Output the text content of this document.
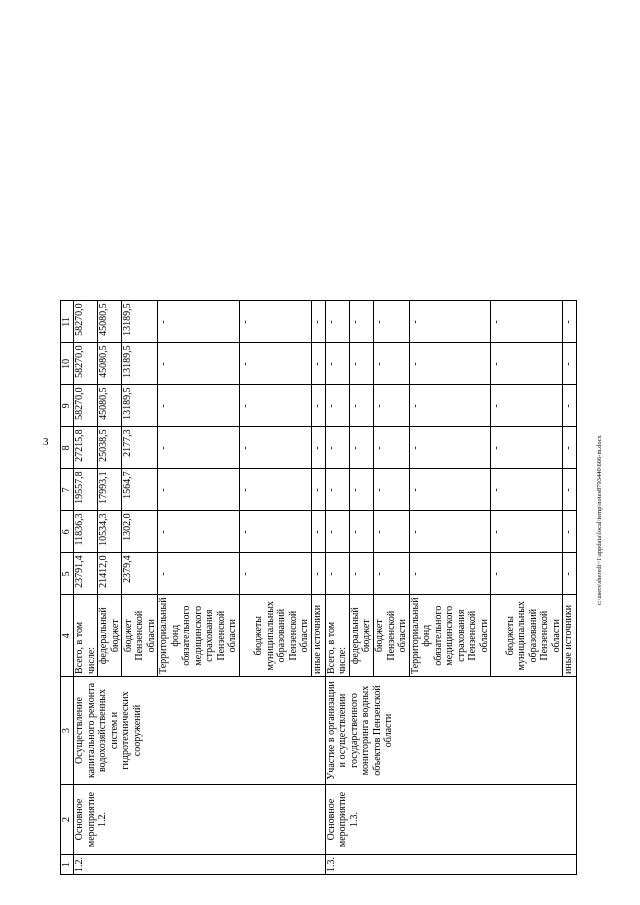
3	c:\users\sheredi~1\appdata\local\temp\notes8793440\666-m.docx
1	2	3	4	5	6	7	8	9	10	11
1.2.	Основное мероприятие 1.2.	Осуществление капитального ремонта водохозяйственных систем и гидротехнических сооружений	Всего, в том числе:	23791,4	11836,3	19557,8	27215,8	58270,0	58270,0	58270,0
			федеральный бюджет	21412,0	10534,3	17993,1	25038,5	45080,5	45080,5	45080,5
			бюджет Пензенской области	2379,4	1302,0	1564,7	2177,3	13189,5	13189,5	13189,5
			Территориальный фонд обязательного медицинского страхования Пензенской области	-	-	-	-	-	-	-
			бюджеты муниципальных образований Пензенской области	-	-	-	-	-	-	-
			иные источники	-	-	-	-	-	-	-
1.3.	Основное мероприятие 1.3.	Участие в организации и осуществлении государственного мониторинга водных объектов Пензенской области	Всего, в том числе:	-	-	-	-	-	-	-
			федеральный бюджет	-	-	-	-	-	-	-
			бюджет Пензенской области	-	-	-	-	-	-	-
			Территориальный фонд обязательного медицинского страхования Пензенской области	-	-	-	-	-	-	-
			бюджеты муниципальных образований Пензенской области	-	-	-	-	-	-	-
			иные источники	-	-	-	-	-	-	-
